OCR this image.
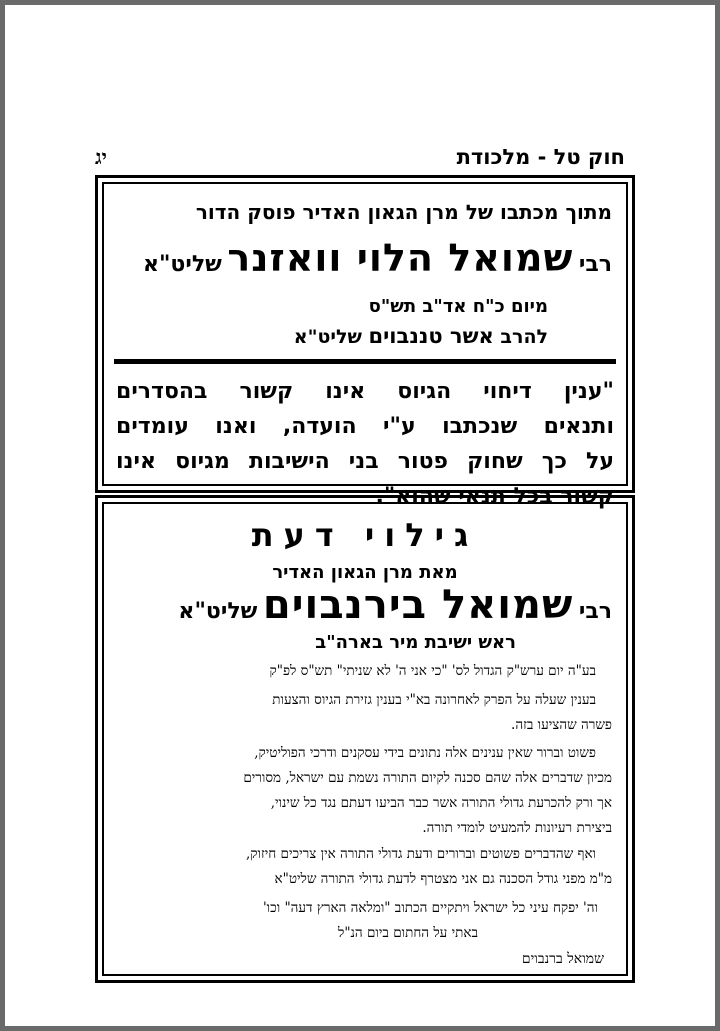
חוק טל - מלכודת
יג
מתוך מכתבו של מרן הגאון האדיר פוסק הדור
רבי שמואל הלוי וואזנר שליט"א
מיום כ"ח אד"ב תש"ס
להרב אשר טננבוים שליט"א
"ענין דיחוי הגיוס אינו קשור בהסדרים
ותנאים שנכתבו ע"י הועדה, ואנו עומדים
על כך שחוק פטור בני הישיבות מגיוס אינו
קשור בכל תנאי שהוא".
גילוי דעת
מאת מרן הגאון האדיר
רבי שמואל בירנבוים שליט"א
ראש ישיבת מיר בארה"ב
בע"ה יום ערש"ק הגדול לס' "כי אני ה' לא שניתי" תש"ס לפ"ק
בענין שעלה על הפרק לאחרונה בא"י בענין גזירת הגיוס והצעות
פשרה שהציעו בזה.
פשוט וברור שאין ענינים אלה נתונים בידי עסקנים ודרכי הפוליטיק,
מכיון שדברים אלה שהם סכנה לקיום התורה נשמת עם ישראל, מסורים
אך ורק להכרעת גדולי התורה אשר כבר הביעו דעתם נגד כל שינוי,
ביצירת רעיונות להמעיט לומדי תורה.
ואף שהדברים פשוטים וברורים ודעת גדולי התורה אין צריכים חיזוק,
מ"מ מפני גודל הסכנה גם אני מצטרף לדעת גדולי התורה שליט"א
וה' יפקח עיני כל ישראל ויתקיים הכתוב "ומלאה הארץ דעה" וכו'
באתי על החתום ביום הנ"ל
שמואל ברנבוים
